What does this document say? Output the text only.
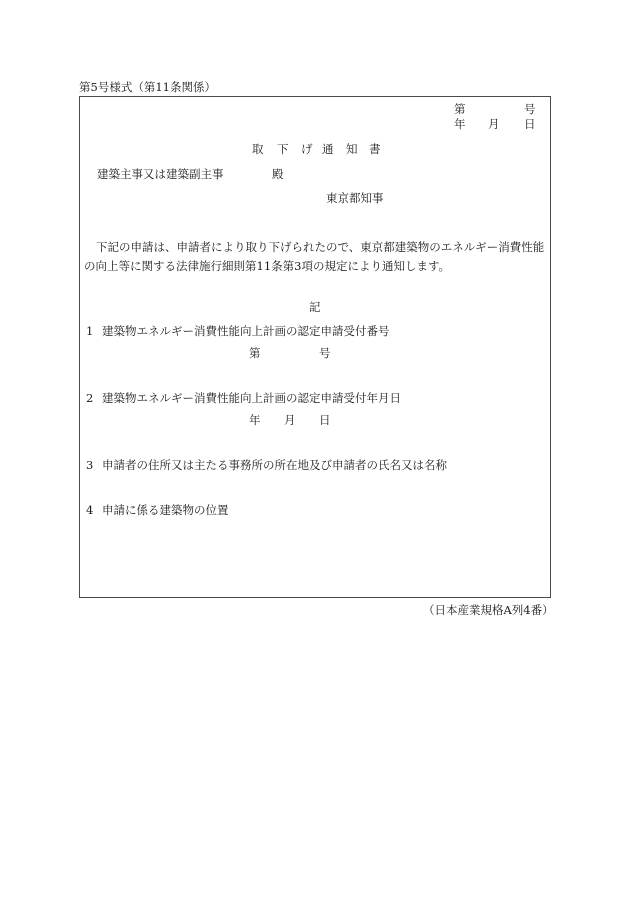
第5号様式（第11条関係）
第	号
年 月 日
取 下 げ 通 知 書
建築主事又は建築副主事	殿
東京都知事
下記の申請は、申請者により取り下げられたので、東京都建築物のエネルギー消費性能の向上等に関する法律施行細則第11条第3項の規定により通知します。
記
1 建築物エネルギー消費性能向上計画の認定申請受付番号
第	号
2 建築物エネルギー消費性能向上計画の認定申請受付年月日
年 月 日
3 申請者の住所又は主たる事務所の所在地及び申請者の氏名又は名称
4 申請に係る建築物の位置
（日本産業規格A列4番）
